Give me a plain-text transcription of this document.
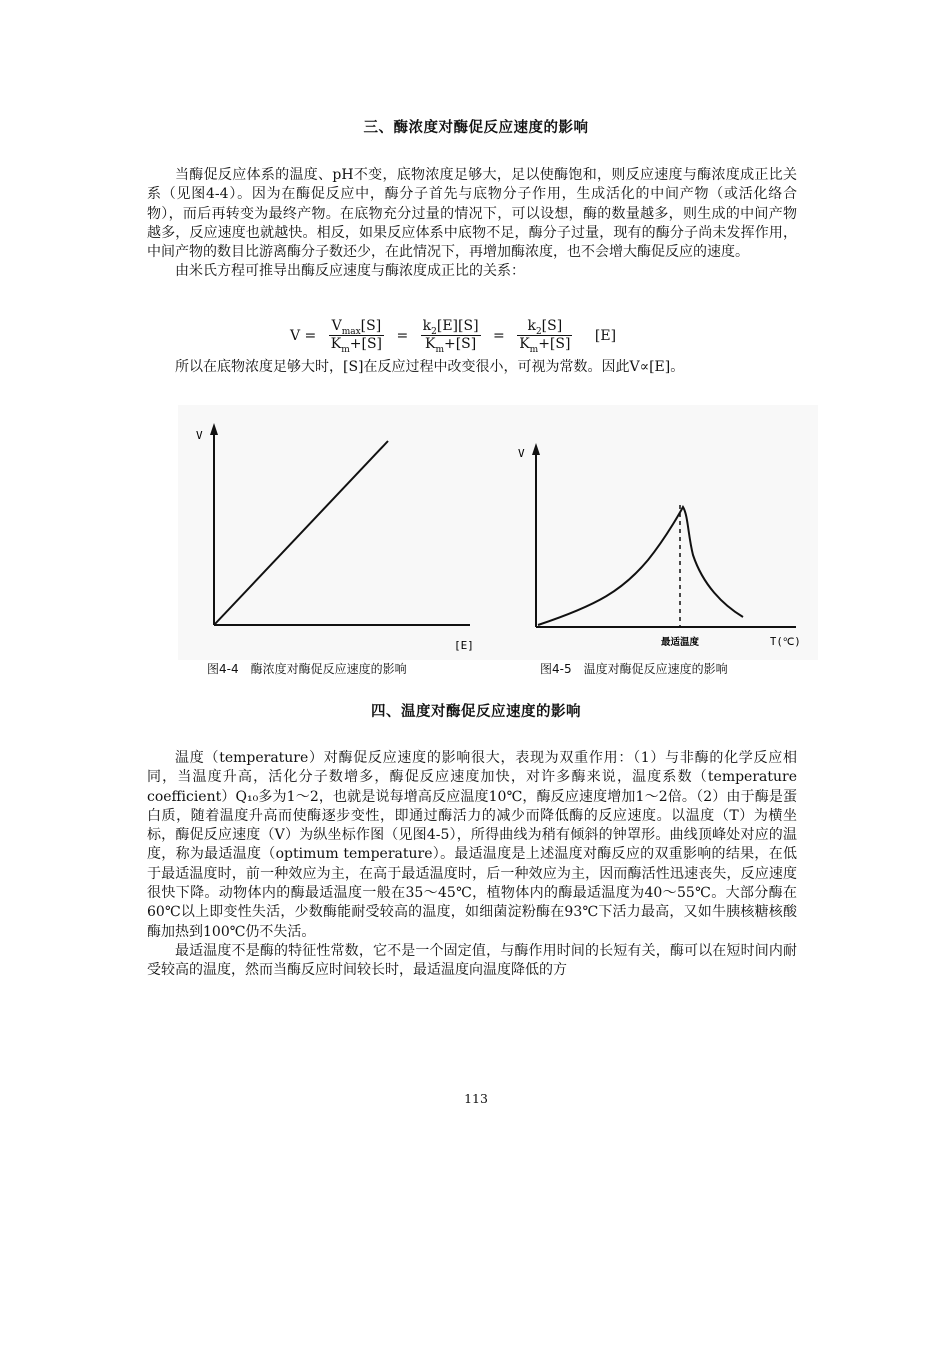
三、酶浓度对酶促反应速度的影响

当酶促反应体系的温度、pH不变，底物浓度足够大，足以使酶饱和，则反应速度与酶浓度成正比关系（见图4-4）。因为在酶促反应中，酶分子首先与底物分子作用，生成活化的中间产物（或活化络合物），而后再转变为最终产物。在底物充分过量的情况下，可以设想，酶的数量越多，则生成的中间产物越多，反应速度也就越快。相反，如果反应体系中底物不足，酶分子过量，现有的酶分子尚未发挥作用，中间产物的数目比游离酶分子数还少，在此情况下，再增加酶浓度，也不会增大酶促反应的速度。

由米氏方程可推导出酶反应速度与酶浓度成正比的关系：

$V = \frac{V_{max}[S]}{K_m+[S]} = \frac{k_2[E][S]}{K_m+[S]} = \frac{k_2[S]}{K_m+[S]} [E]$

所以在底物浓度足够大时，[S]在反应过程中改变很小，可视为常数。因此V∝[E]。

V
[E]
V
最适温度	T(℃)
图4-4　酶浓度对酶促反应速度的影响	图4-5　温度对酶促反应速度的影响
四、温度对酶促反应速度的影响

温度（temperature）对酶促反应速度的影响很大，表现为双重作用：（1）与非酶的化学反应相同，当温度升高，活化分子数增多，酶促反应速度加快，对许多酶来说，温度系数（temperature coefficient）Q₁₀多为1～2，也就是说每增高反应温度10℃，酶反应速度增加1～2倍。（2）由于酶是蛋白质，随着温度升高而使酶逐步变性，即通过酶活力的减少而降低酶的反应速度。以温度（T）为横坐标，酶促反应速度（V）为纵坐标作图（见图4-5），所得曲线为稍有倾斜的钟罩形。曲线顶峰处对应的温度，称为最适温度（optimum temperature）。最适温度是上述温度对酶反应的双重影响的结果，在低于最适温度时，前一种效应为主，在高于最适温度时，后一种效应为主，因而酶活性迅速丧失，反应速度很快下降。动物体内的酶最适温度一般在35～45℃，植物体内的酶最适温度为40～55℃。大部分酶在60℃以上即变性失活，少数酶能耐受较高的温度，如细菌淀粉酶在93℃下活力最高，又如牛胰核糖核酸酶加热到100℃仍不失活。

最适温度不是酶的特征性常数，它不是一个固定值，与酶作用时间的长短有关，酶可以在短时间内耐受较高的温度，然而当酶反应时间较长时，最适温度向温度降低的方

113
